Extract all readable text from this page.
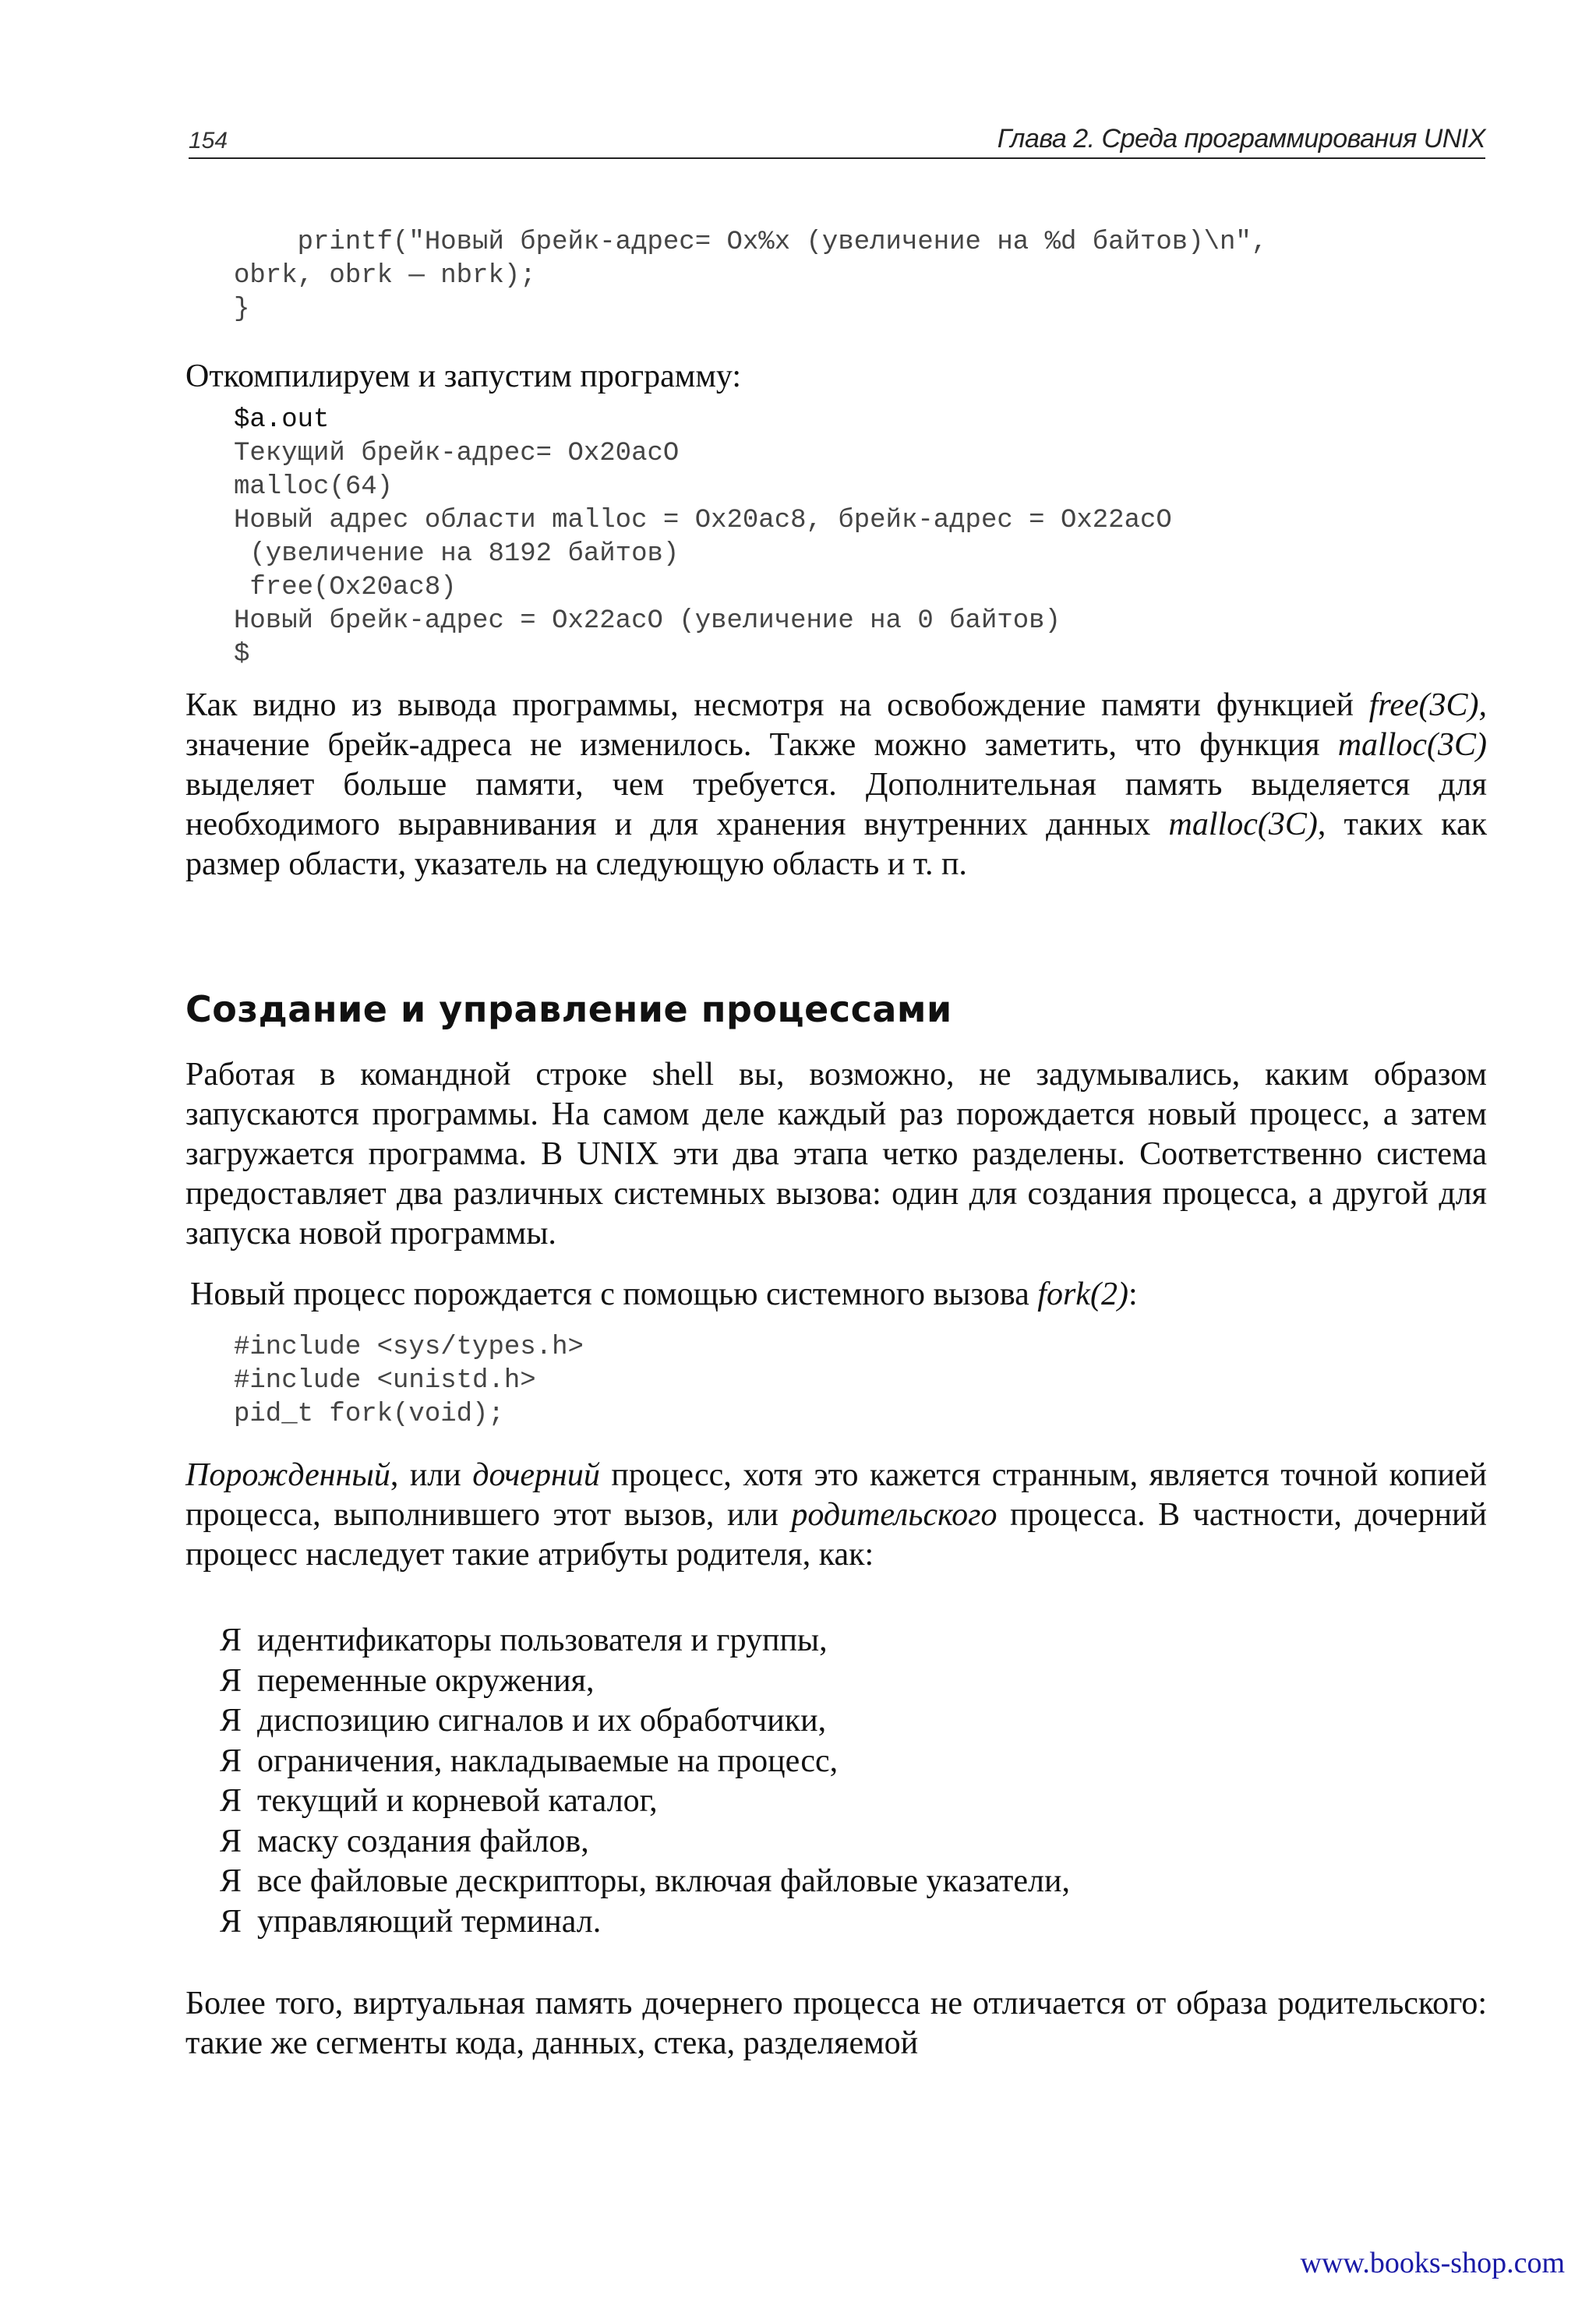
154	Глава 2. Среда программирования UNIX
printf("Новый брейк-адрес= Ох%х (увеличение на %d байтов)\n",
obrk, obrk — nbrk);
}

Откомпилируем и запустим программу:

$a.out
Текущий брейк-адрес= Ох20асО
malloc(64)
Новый адрес области malloc = Ох20ас8, брейк-адрес = Ох22асО
(увеличение на 8192 байтов)
free(Ох20ас8)
Новый брейк-адрес = Ох22асО (увеличение на 0 байтов)
$

Как видно из вывода программы, несмотря на освобождение памяти функцией free(3C), значение брейк-адреса не изменилось. Также можно заметить, что функция malloc(3C) выделяет больше памяти, чем требуется. Дополнительная память выделяется для необходимого выравнивания и для хранения внутренних данных malloc(3C), таких как размер области, указатель на следующую область и т. п.

Создание и управление процессами

Работая в командной строке shell вы, возможно, не задумывались, каким образом запускаются программы. На самом деле каждый раз порождается новый процесс, а затем загружается программа. В UNIX эти два этапа четко разделены. Соответственно система предоставляет два различных системных вызова: один для создания процесса, а другой для запуска новой программы.

Новый процесс порождается с помощью системного вызова fork(2):

#include <sys/types.h>
#include <unistd.h>
pid_t fork(void);

Порожденный, или дочерний процесс, хотя это кажется странным, является точной копией процесса, выполнившего этот вызов, или родительского процесса. В частности, дочерний процесс наследует такие атрибуты родителя, как:

Я идентификаторы пользователя и группы,
Я переменные окружения,
Я диспозицию сигналов и их обработчики,
Я ограничения, накладываемые на процесс,
Я текущий и корневой каталог,
Я маску создания файлов,
Я все файловые дескрипторы, включая файловые указатели,
Я управляющий терминал.

Более того, виртуальная память дочернего процесса не отличается от образа родительского: такие же сегменты кода, данных, стека, разделяемой

www.books-shop.com
